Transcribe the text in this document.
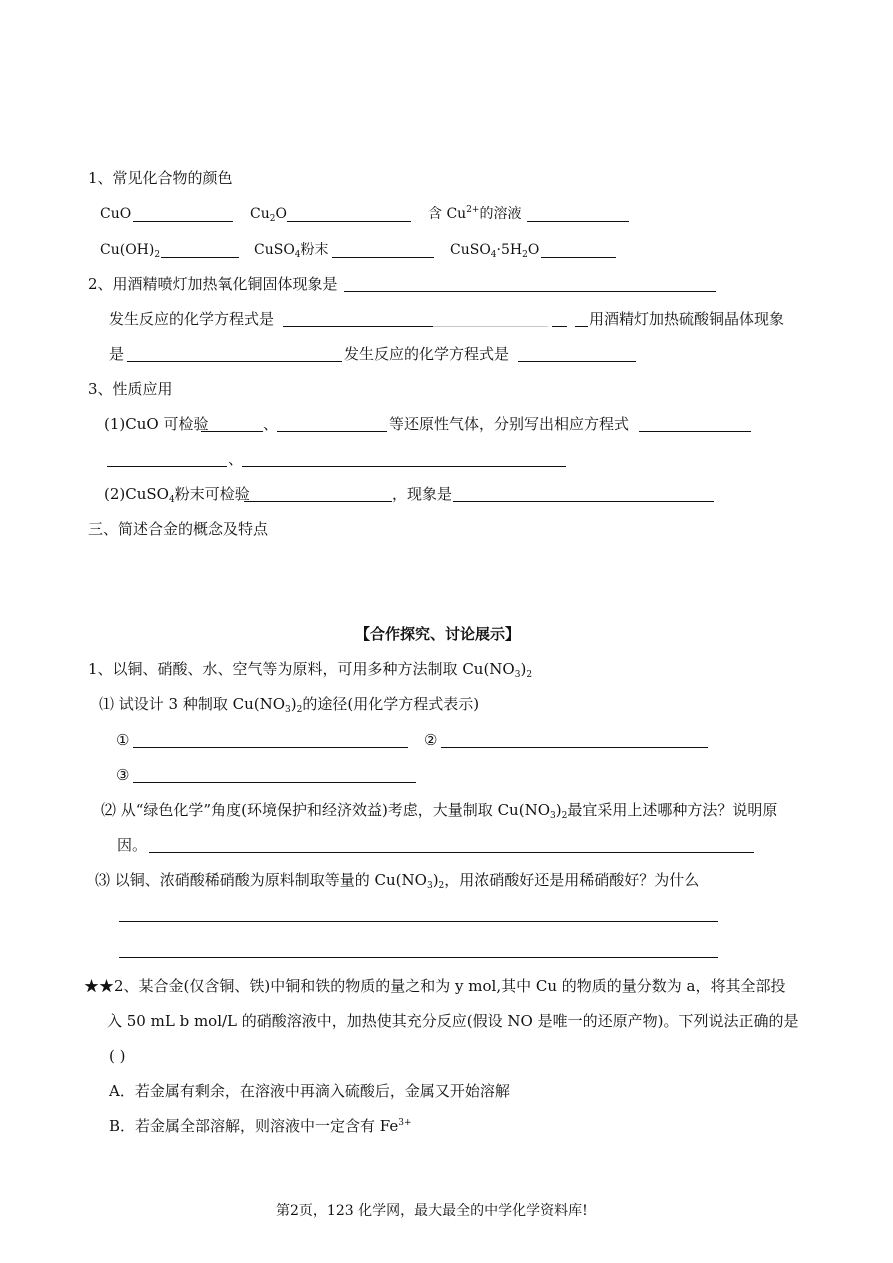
1、常见化合物的颜色
CuO	$Cu_2O$	含 $Cu^{2+}$的溶液
$Cu(OH)_2$	CuSO$_4$粉末	$CuSO_4\cdot 5H_2O$
2、用酒精喷灯加热氧化铜固体现象是
发生反应的化学方程式是	用酒精灯加热硫酸铜晶体现象
是	发生反应的化学方程式是
3、性质应用
(1)CuO 可检验	、	等还原性气体，分别写出相应方程式
、
(2)CuSO$_4$粉末可检验	，现象是
三、简述合金的概念及特点
【合作探究、讨论展示】
1、以铜、硝酸、水、空气等为原料，可用多种方法制取 $Cu(NO_3)_2$
⑴ 试设计 3 种制取 $Cu(NO_3)_2$的途径(用化学方程式表示)
①	②
③
⑵ 从“绿色化学”角度(环境保护和经济效益)考虑，大量制取 $Cu(NO_3)_2$最宜采用上述哪种方法？说明原
因。
⑶ 以铜、浓硝酸稀硝酸为原料制取等量的 $Cu(NO_3)_2$，用浓硝酸好还是用稀硝酸好？为什么
★★2、某合金(仅含铜、铁)中铜和铁的物质的量之和为 y mol,其中 Cu 的物质的量分数为 a，将其全部投
入 50 mL b mol/L 的硝酸溶液中，加热使其充分反应(假设 NO 是唯一的还原产物)。下列说法正确的是
( )
A．若金属有剩余，在溶液中再滴入硫酸后，金属又开始溶解
B．若金属全部溶解，则溶液中一定含有 $Fe^{3+}$
第2页，123 化学网，最大最全的中学化学资料库!
